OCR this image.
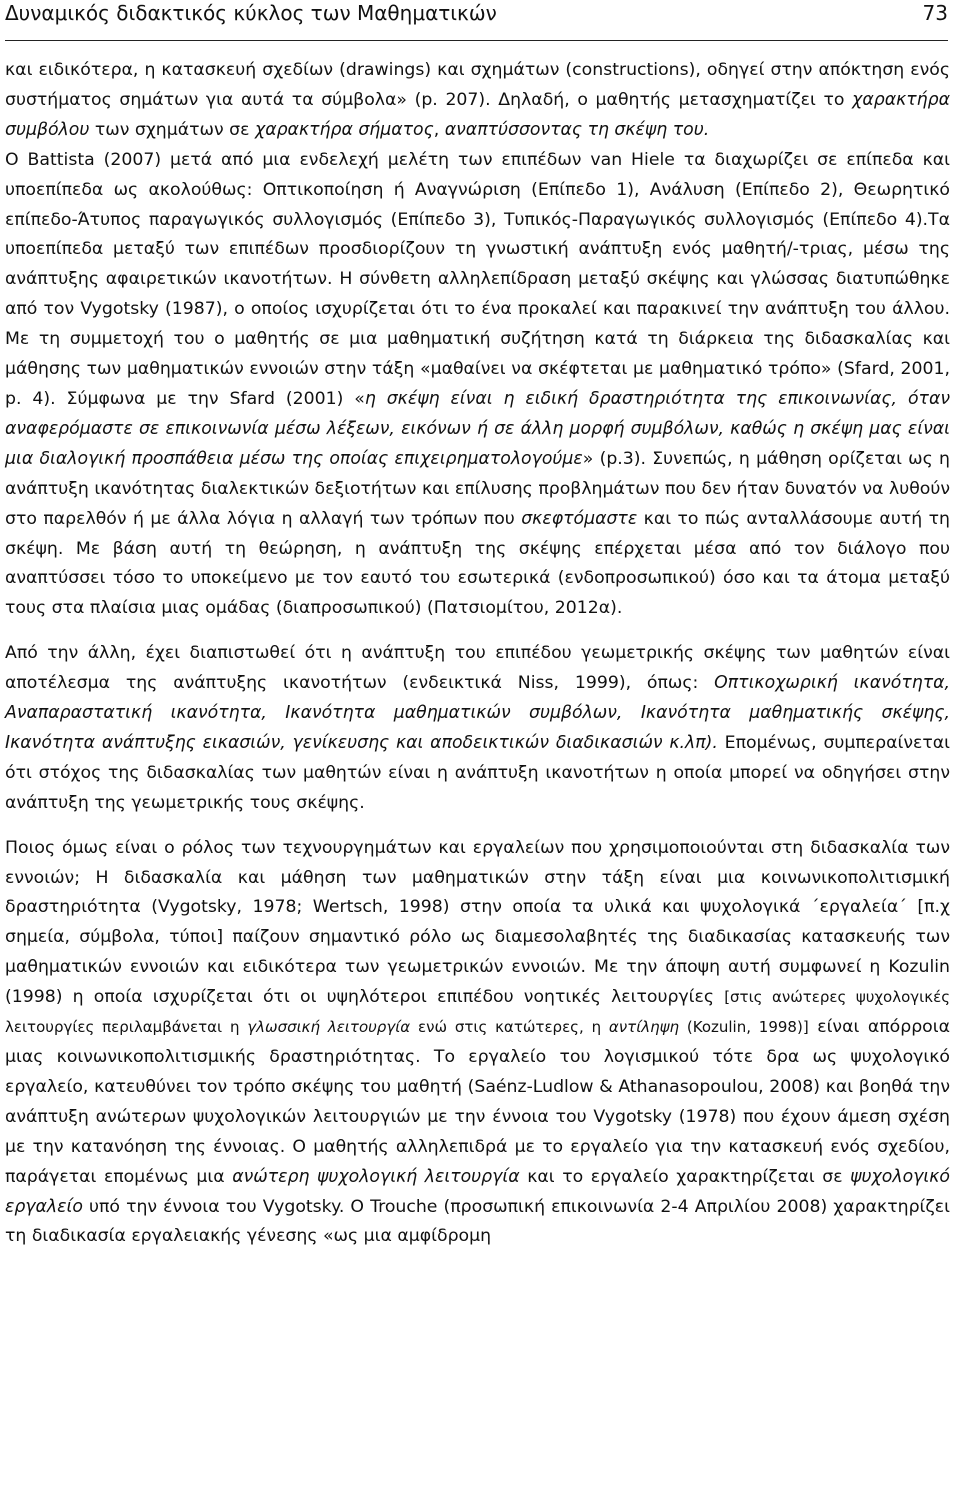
Δυναμικός διδακτικός κύκλος των Μαθηματικών	73

και ειδικότερα, η κατασκευή σχεδίων (drawings) και σχημάτων (constructions), οδηγεί στην απόκτηση ενός συστήματος σημάτων για αυτά τα σύμβολα» (p. 207). Δηλαδή, ο μαθητής μετασχηματίζει το χαρακτήρα συμβόλου των σχημάτων σε χαρακτήρα σήματος, αναπτύσσοντας τη σκέψη του.

Ο Battista (2007) μετά από μια ενδελεχή μελέτη των επιπέδων van Hiele τα διαχωρίζει σε επίπεδα και υποεπίπεδα ως ακολούθως: Οπτικοποίηση ή Αναγνώριση (Επίπεδο 1), Ανάλυση (Επίπεδο 2), Θεωρητικό επίπεδο-Άτυπος παραγωγικός συλλογισμός (Επίπεδο 3), Τυπικός-Παραγωγικός συλλογισμός (Επίπεδο 4).Τα υποεπίπεδα μεταξύ των επιπέδων προσδιορίζουν τη γνωστική ανάπτυξη ενός μαθητή/-τριας, μέσω της ανάπτυξης αφαιρετικών ικανοτήτων. Η σύνθετη αλληλεπίδραση μεταξύ σκέψης και γλώσσας διατυπώθηκε από τον Vygotsky (1987), ο οποίος ισχυρίζεται ότι το ένα προκαλεί και παρακινεί την ανάπτυξη του άλλου. Με τη συμμετοχή του ο μαθητής σε μια μαθηματική συζήτηση κατά τη διάρκεια της διδασκαλίας και μάθησης των μαθηματικών εννοιών στην τάξη «μαθαίνει να σκέφτεται με μαθηματικό τρόπο» (Sfard, 2001, p. 4). Σύμφωνα με την Sfard (2001) «η σκέψη είναι η ειδική δραστηριότητα της επικοινωνίας, όταν αναφερόμαστε σε επικοινωνία μέσω λέξεων, εικόνων ή σε άλλη μορφή συμβόλων, καθώς η σκέψη μας είναι μια διαλογική προσπάθεια μέσω της οποίας επιχειρηματολογούμε» (p.3). Συνεπώς, η μάθηση ορίζεται ως η ανάπτυξη ικανότητας διαλεκτικών δεξιοτήτων και επίλυσης προβλημάτων που δεν ήταν δυνατόν να λυθούν στο παρελθόν ή με άλλα λόγια η αλλαγή των τρόπων που σκεφτόμαστε και το πώς ανταλλάσουμε αυτή τη σκέψη. Με βάση αυτή τη θεώρηση, η ανάπτυξη της σκέψης επέρχεται μέσα από τον διάλογο που αναπτύσσει τόσο το υποκείμενο με τον εαυτό του εσωτερικά (ενδοπροσωπικού) όσο και τα άτομα μεταξύ τους στα πλαίσια μιας ομάδας (διαπροσωπικού) (Πατσιομίτου, 2012α).

Από την άλλη, έχει διαπιστωθεί ότι η ανάπτυξη του επιπέδου γεωμετρικής σκέψης των μαθητών είναι αποτέλεσμα της ανάπτυξης ικανοτήτων (ενδεικτικά Niss, 1999), όπως: Οπτικοχωρική ικανότητα, Αναπαραστατική ικανότητα, Ικανότητα μαθηματικών συμβόλων, Ικανότητα μαθηματικής σκέψης, Ικανότητα ανάπτυξης εικασιών, γενίκευσης και αποδεικτικών διαδικασιών κ.λπ). Επομένως, συμπεραίνεται ότι στόχος της διδασκαλίας των μαθητών είναι η ανάπτυξη ικανοτήτων η οποία μπορεί να οδηγήσει στην ανάπτυξη της γεωμετρικής τους σκέψης.

Ποιος όμως είναι ο ρόλος των τεχνουργημάτων και εργαλείων που χρησιμοποιούνται στη διδασκαλία των εννοιών; Η διδασκαλία και μάθηση των μαθηματικών στην τάξη είναι μια κοινωνικοπολιτισμική δραστηριότητα (Vygotsky, 1978; Wertsch, 1998) στην οποία τα υλικά και ψυχολογικά ΄εργαλεία΄ [π.χ σημεία, σύμβολα, τύποι] παίζουν σημαντικό ρόλο ως διαμεσολαβητές της διαδικασίας κατασκευής των μαθηματικών εννοιών και ειδικότερα των γεωμετρικών εννοιών. Με την άποψη αυτή συμφωνεί η Kozulin (1998) η οποία ισχυρίζεται ότι οι υψηλότεροι επιπέδου νοητικές λειτουργίες [στις ανώτερες ψυχολογικές λειτουργίες περιλαμβάνεται η γλωσσική λειτουργία ενώ στις κατώτερες, η αντίληψη (Kozulin, 1998)] είναι απόρροια μιας κοινωνικοπολιτισμικής δραστηριότητας. Το εργαλείο του λογισμικού τότε δρα ως ψυχολογικό εργαλείο, κατευθύνει τον τρόπο σκέψης του μαθητή (Saénz-Ludlow & Athanasopoulou, 2008) και βοηθά την ανάπτυξη ανώτερων ψυχολογικών λειτουργιών με την έννοια του Vygotsky (1978) που έχουν άμεση σχέση με την κατανόηση της έννοιας. Ο μαθητής αλληλεπιδρά με το εργαλείο για την κατασκευή ενός σχεδίου, παράγεται επομένως μια ανώτερη ψυχολογική λειτουργία και το εργαλείο χαρακτηρίζεται σε ψυχολογικό εργαλείο υπό την έννοια του Vygotsky. Ο Trouche (προσωπική επικοινωνία 2-4 Απριλίου 2008) χαρακτηρίζει τη διαδικασία εργαλειακής γένεσης «ως μια αμφίδρομη
